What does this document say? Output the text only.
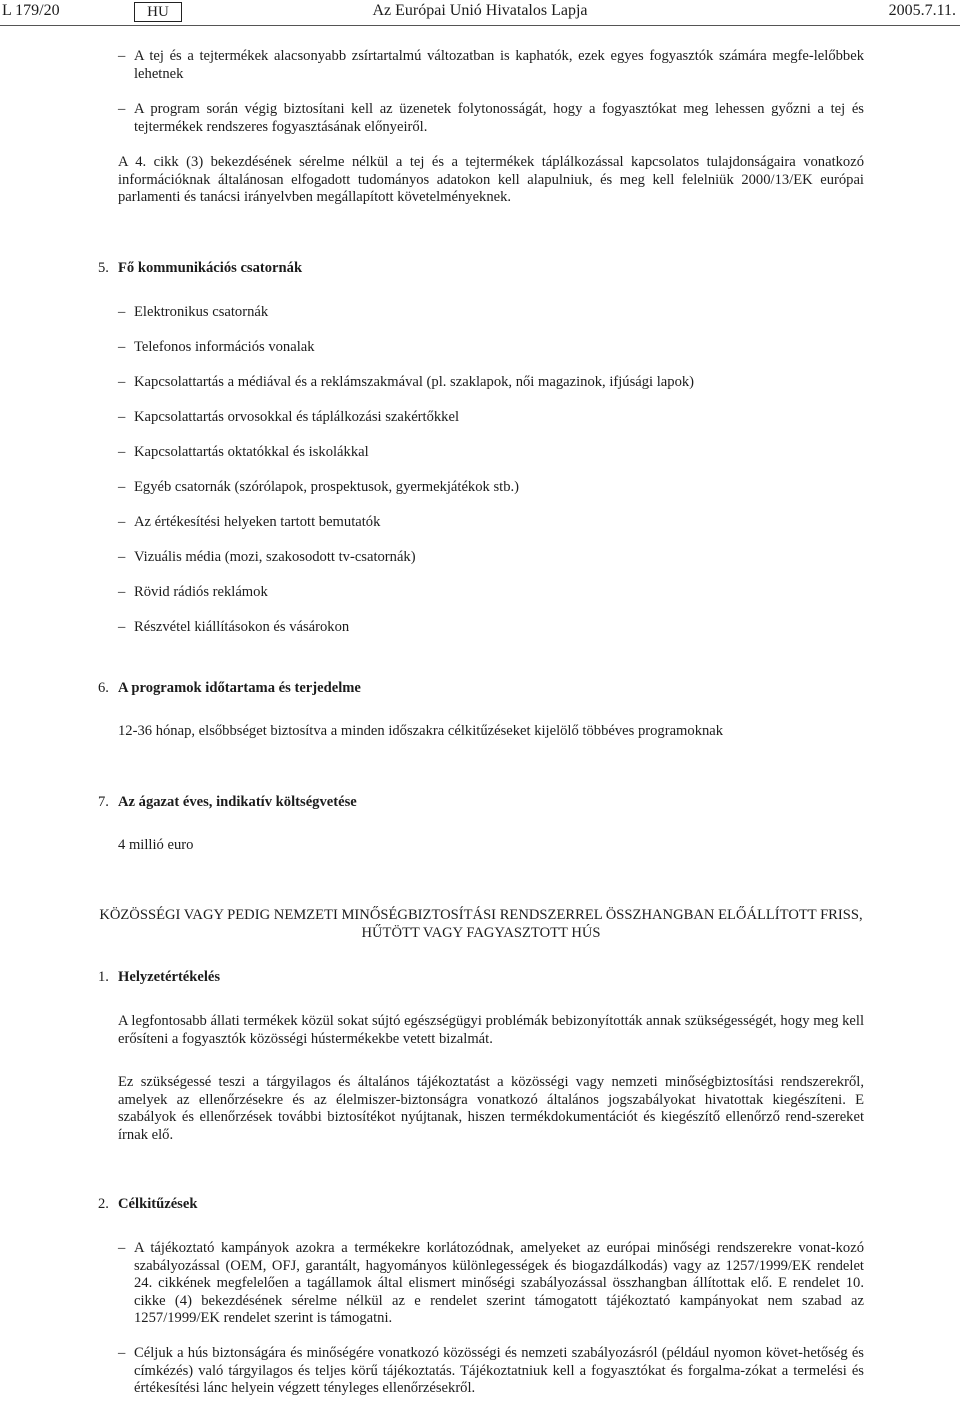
L 179/20	HU	Az Európai Unió Hivatalos Lapja	2005.7.11.
– A tej és a tejtermékek alacsonyabb zsírtartalmú változatban is kaphatók, ezek egyes fogyasztók számára megfe-lelőbbek lehetnek
– A program során végig biztosítani kell az üzenetek folytonosságát, hogy a fogyasztókat meg lehessen győzni a tej és tejtermékek rendszeres fogyasztásának előnyeiről.
A 4. cikk (3) bekezdésének sérelme nélkül a tej és a tejtermékek táplálkozással kapcsolatos tulajdonságaira vonatkozó információknak általánosan elfogadott tudományos adatokon kell alapulniuk, és meg kell felelniük 2000/13/EK európai parlamenti és tanácsi irányelvben megállapított követelményeknek.
5. Fő kommunikációs csatornák
– Elektronikus csatornák
– Telefonos információs vonalak
– Kapcsolattartás a médiával és a reklámszakmával (pl. szaklapok, női magazinok, ifjúsági lapok)
– Kapcsolattartás orvosokkal és táplálkozási szakértőkkel
– Kapcsolattartás oktatókkal és iskolákkal
– Egyéb csatornák (szórólapok, prospektusok, gyermekjátékok stb.)
– Az értékesítési helyeken tartott bemutatók
– Vizuális média (mozi, szakosodott tv-csatornák)
– Rövid rádiós reklámok
– Részvétel kiállításokon és vásárokon
6. A programok időtartama és terjedelme
12-36 hónap, elsőbbséget biztosítva a minden időszakra célkitűzéseket kijelölő többéves programoknak
7. Az ágazat éves, indikatív költségvetése
4 millió euro
KÖZÖSSÉGI VAGY PEDIG NEMZETI MINŐSÉGBIZTOSÍTÁSI RENDSZERREL ÖSSZHANGBAN ELŐÁLLÍTOTT FRISS,
HŰTÖTT VAGY FAGYASZTOTT HÚS
1. Helyzetértékelés
A legfontosabb állati termékek közül sokat sújtó egészségügyi problémák bebizonyították annak szükségességét, hogy meg kell erősíteni a fogyasztók közösségi hústermékekbe vetett bizalmát.
Ez szükségessé teszi a tárgyilagos és általános tájékoztatást a közösségi vagy nemzeti minőségbiztosítási rendszerekről, amelyek az ellenőrzésekre és az élelmiszer-biztonságra vonatkozó általános jogszabályokat hivatottak kiegészíteni. E szabályok és ellenőrzések további biztosítékot nyújtanak, hiszen termékdokumentációt és kiegészítő ellenőrző rend-szereket írnak elő.
2. Célkitűzések
– A tájékoztató kampányok azokra a termékekre korlátozódnak, amelyeket az európai minőségi rendszerekre vonat-kozó szabályozással (OEM, OFJ, garantált, hagyományos különlegességek és biogazdálkodás) vagy az 1257/1999/EK rendelet 24. cikkének megfelelően a tagállamok által elismert minőségi szabályozással összhangban állítottak elő. E rendelet 10. cikke (4) bekezdésének sérelme nélkül az e rendelet szerint támogatott tájékoztató kampányokat nem szabad az 1257/1999/EK rendelet szerint is támogatni.
– Céljuk a hús biztonságára és minőségére vonatkozó közösségi és nemzeti szabályozásról (például nyomon követ-hetőség és címkézés) való tárgyilagos és teljes körű tájékoztatás. Tájékoztatniuk kell a fogyasztókat és forgalma-zókat a termelési és értékesítési lánc helyein végzett tényleges ellenőrzésekről.
